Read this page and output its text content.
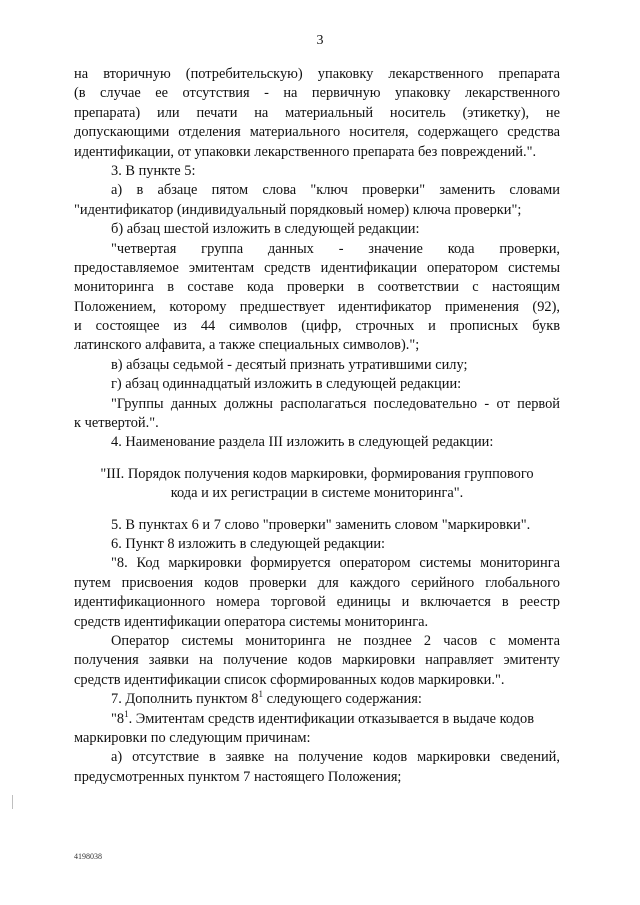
3
на вторичную (потребительскую) упаковку лекарственного препарата
(в случае ее отсутствия - на первичную упаковку лекарственного
препарата) или печати на материальный носитель (этикетку), не
допускающими отделения материального носителя, содержащего средства
идентификации, от упаковки лекарственного препарата без повреждений.".
3. В пункте 5:
а) в абзаце пятом слова "ключ проверки" заменить словами
"идентификатор (индивидуальный порядковый номер) ключа проверки";
б) абзац шестой изложить в следующей редакции:
"четвертая группа данных - значение кода проверки,
предоставляемое эмитентам средств идентификации оператором системы
мониторинга в составе кода проверки в соответствии с настоящим
Положением, которому предшествует идентификатор применения (92),
и состоящее из 44 символов (цифр, строчных и прописных букв
латинского алфавита, а также специальных символов).";
в) абзацы седьмой - десятый признать утратившими силу;
г) абзац одиннадцатый изложить в следующей редакции:
"Группы данных должны располагаться последовательно - от первой
к четвертой.".
4. Наименование раздела III изложить в следующей редакции:
"III. Порядок получения кодов маркировки, формирования группового
кода и их регистрации в системе мониторинга".
5. В пунктах 6 и 7 слово "проверки" заменить словом "маркировки".
6. Пункт 8 изложить в следующей редакции:
"8. Код маркировки формируется оператором системы мониторинга
путем присвоения кодов проверки для каждого серийного глобального
идентификационного номера торговой единицы и включается в реестр
средств идентификации оператора системы мониторинга.
Оператор системы мониторинга не позднее 2 часов с момента
получения заявки на получение кодов маркировки направляет эмитенту
средств идентификации список сформированных кодов маркировки.".
7. Дополнить пунктом $8^1$ следующего содержания:
"$8^1$. Эмитентам средств идентификации отказывается в выдаче кодов
маркировки по следующим причинам:
а) отсутствие в заявке на получение кодов маркировки сведений,
предусмотренных пунктом 7 настоящего Положения;
4198038
